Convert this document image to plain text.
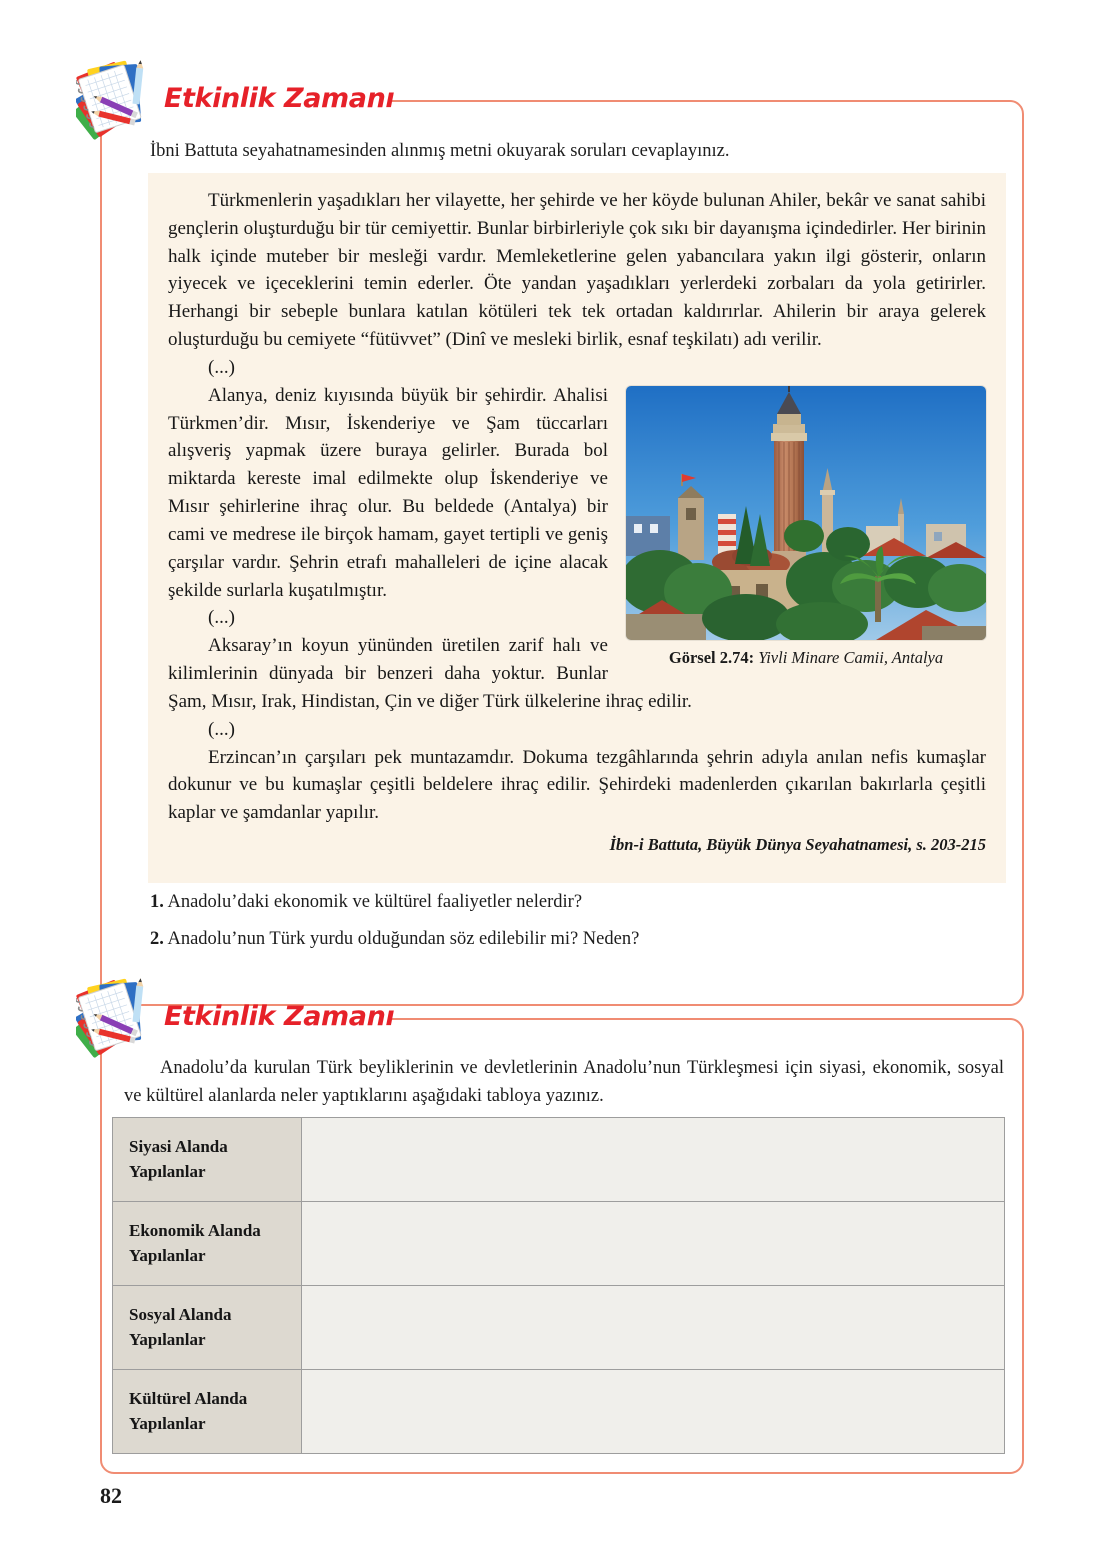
Etkinlik Zamanı
İbni Battuta seyahatnamesinden alınmış metni okuyarak soruları cevaplayınız.

Türkmenlerin yaşadıkları her vilayette, her şehirde ve her köyde bulunan Ahiler, bekâr ve sanat sahibi gençlerin oluşturduğu bir tür cemiyettir. Bunlar birbirleriyle çok sıkı bir dayanışma içindedirler. Her birinin halk içinde muteber bir mesleği vardır. Memleketlerine gelen yabancılara yakın ilgi gösterir, onların yiyecek ve içeceklerini temin ederler. Öte yandan yaşadıkları yerlerdeki zorbaları da yola getirirler. Herhangi bir sebeple bunlara katılan kötüleri tek tek ortadan kaldırırlar. Ahilerin bir araya gelerek oluşturduğu bu cemiyete “fütüvvet” (Dinî ve mesleki birlik, esnaf teşkilatı) adı verilir.

(...)

Görsel 2.74: Yivli Minare Camii, Antalya

Alanya, deniz kıyısında büyük bir şehirdir. Ahalisi Türkmen’dir. Mısır, İskenderiye ve Şam tüccarları alışveriş yapmak üzere buraya gelirler. Burada bol miktarda kereste imal edilmekte olup İskenderiye ve Mısır şehirlerine ihraç olur. Bu beldede (Antalya) bir cami ve medrese ile birçok hamam, gayet tertipli ve geniş çarşılar vardır. Şehrin etrafı mahalleleri de içine alacak şekilde surlarla kuşatılmıştır.

(...)

Aksaray’ın koyun yününden üretilen zarif halı ve kilimlerinin dünyada bir benzeri daha yoktur. Bunlar Şam, Mısır, Irak, Hindistan, Çin ve diğer Türk ülkelerine ihraç edilir.

(...)

Erzincan’ın çarşıları pek muntazamdır. Dokuma tezgâhlarında şehrin adıyla anılan nefis kumaşlar dokunur ve bu kumaşlar çeşitli beldelere ihraç edilir. Şehirdeki madenlerden çıkarılan bakırlarla çeşitli kaplar ve şamdanlar yapılır.

İbn-i Battuta, Büyük Dünya Seyahatnamesi, s. 203-215
1. Anadolu’daki ekonomik ve kültürel faaliyetler nelerdir?
2. Anadolu’nun Türk yurdu olduğundan söz edilebilir mi? Neden?
Etkinlik Zamanı
Anadolu’da kurulan Türk beyliklerinin ve devletlerinin Anadolu’nun Türkleşmesi için siyasi, ekonomik, sosyal ve kültürel alanlarda neler yaptıklarını aşağıdaki tabloya yazınız.
Siyasi Alanda
Yapılanlar	
Ekonomik Alanda
Yapılanlar	
Sosyal Alanda
Yapılanlar	
Kültürel Alanda
Yapılanlar	
82
